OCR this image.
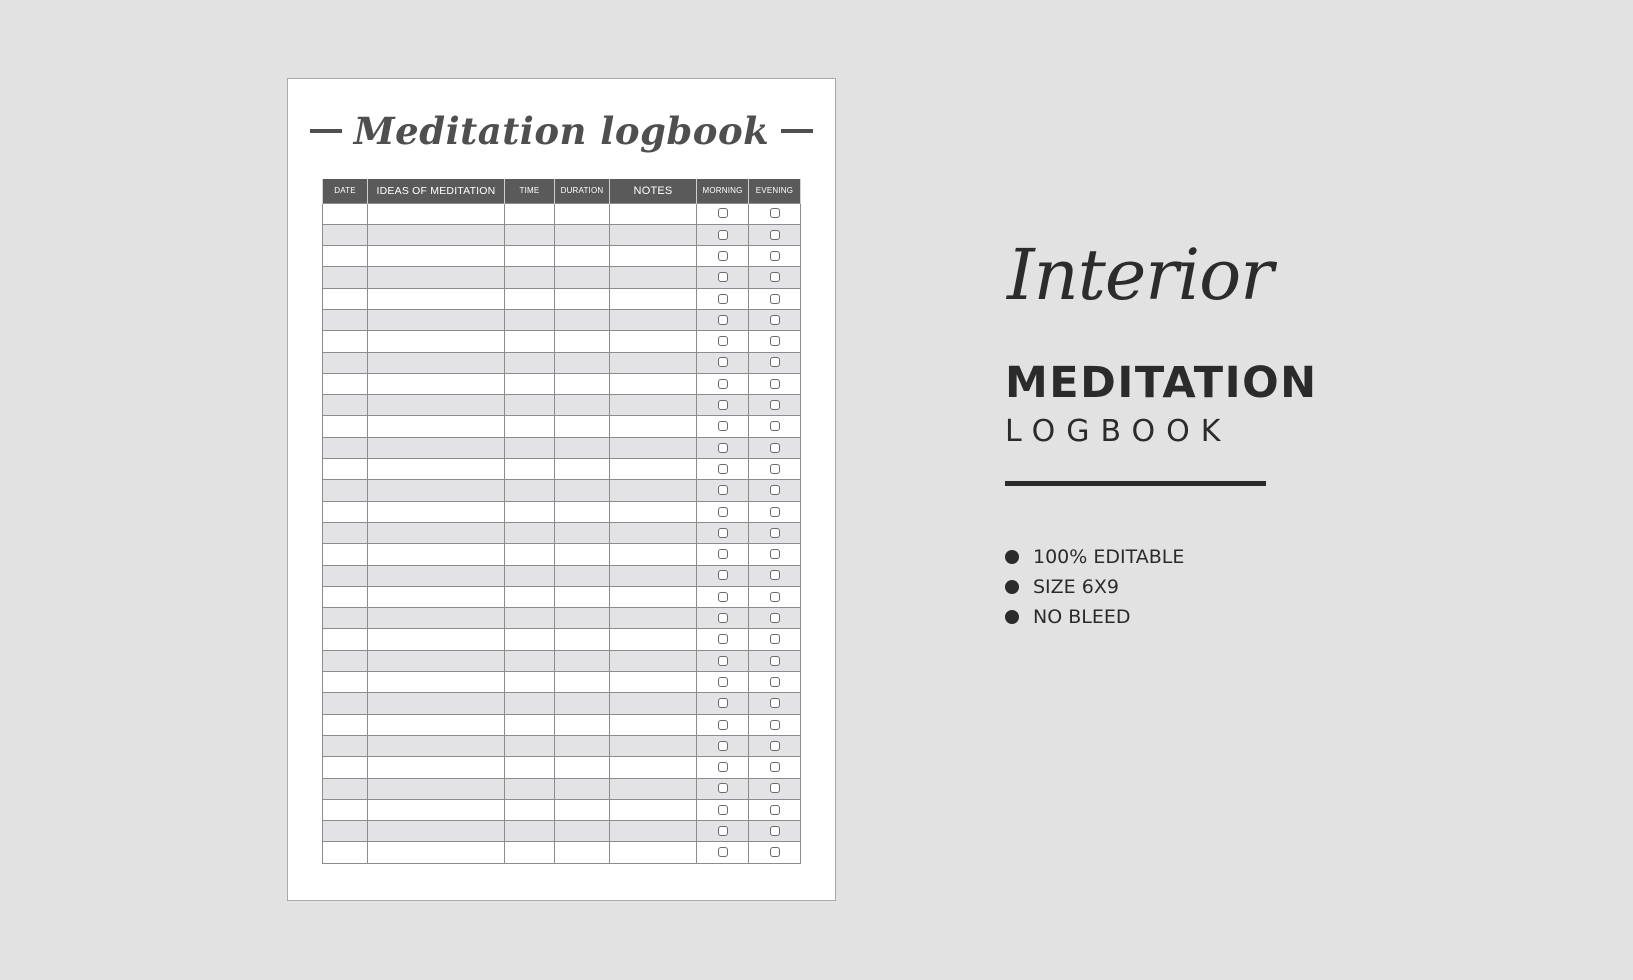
Meditation logbook
DATE	IDEAS OF MEDITATION	TIME	DURATION	NOTES	MORNING	EVENING

Interior
MEDITATION
LOGBOOK
100% EDITABLE
SIZE 6X9
NO BLEED
